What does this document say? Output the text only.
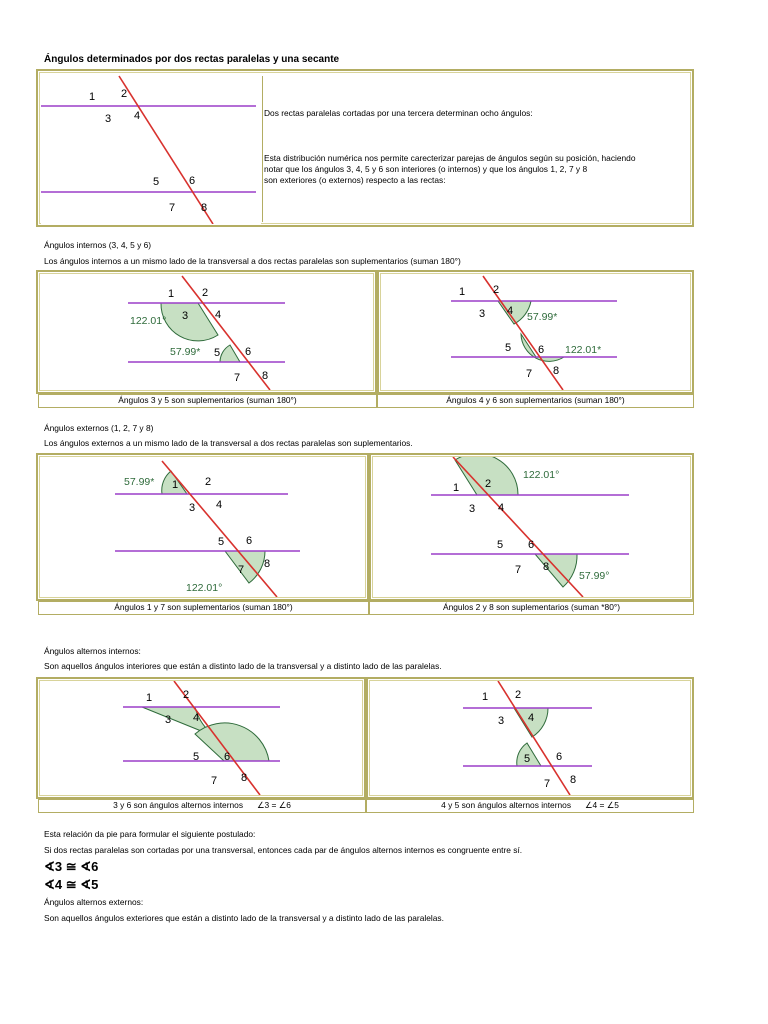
Ángulos determinados por dos rectas paralelas y una secante
1 2
3 4
5	6
7 8
Dos rectas paralelas cortadas por una tercera determinan ocho ángulos:
Esta distribución numérica nos permite carecterizar parejas de ángulos según su posición, haciendo
notar que los ángulos 3, 4, 5 y 6 son interiores (o internos) y que los ángulos 1, 2, 7 y 8
son exteriores (o externos) respecto a las rectas:
Ángulos internos (3, 4, 5 y 6)
Los ángulos internos a un mismo lado de la transversal a dos rectas paralelas son suplementarios (suman 180°)
1	2
3 4
5 6
7 8
122.01°
57.99*
Ángulos 3 y 5 son suplementarios (suman 180°)
1	2
3 4
5 6
7 8
57.99*
122.01*
Ángulos 4 y 6 son suplementarios (suman 180°)
Ángulos externos (1, 2, 7 y 8)
Los ángulos externos a un mismo lado de la transversal a dos rectas paralelas son suplementarios.
1 2
3 4
5 6
7 8
57.99*
122.01°
Ángulos 1 y 7 son suplementarios (suman 180°)
1 2
3 4
5 6
7 8
122.01°
57.99°
Ángulos 2 y 8 son suplementarios (suman *80°)
Ángulos alternos internos:
Son aquellos ángulos interiores que están a distinto lado de la transversal y a distinto lado de las paralelas.
1	2
3 4
5 6
7 8
3 y 6 son ángulos alternos internos ∠3 = ∠6
1 2
3 4
5 6
7 8
4 y 5 son ángulos alternos internos ∠4 = ∠5
Esta relación da pie para formular el siguiente postulado:
Si dos rectas paralelas son cortadas por una transversal, entonces cada par de ángulos alternos internos es congruente entre sí.
∢3 ≅ ∢6
∢4 ≅ ∢5
Ángulos alternos externos:
Son aquellos ángulos exteriores que están a distinto lado de la transversal y a distinto lado de las paralelas.
